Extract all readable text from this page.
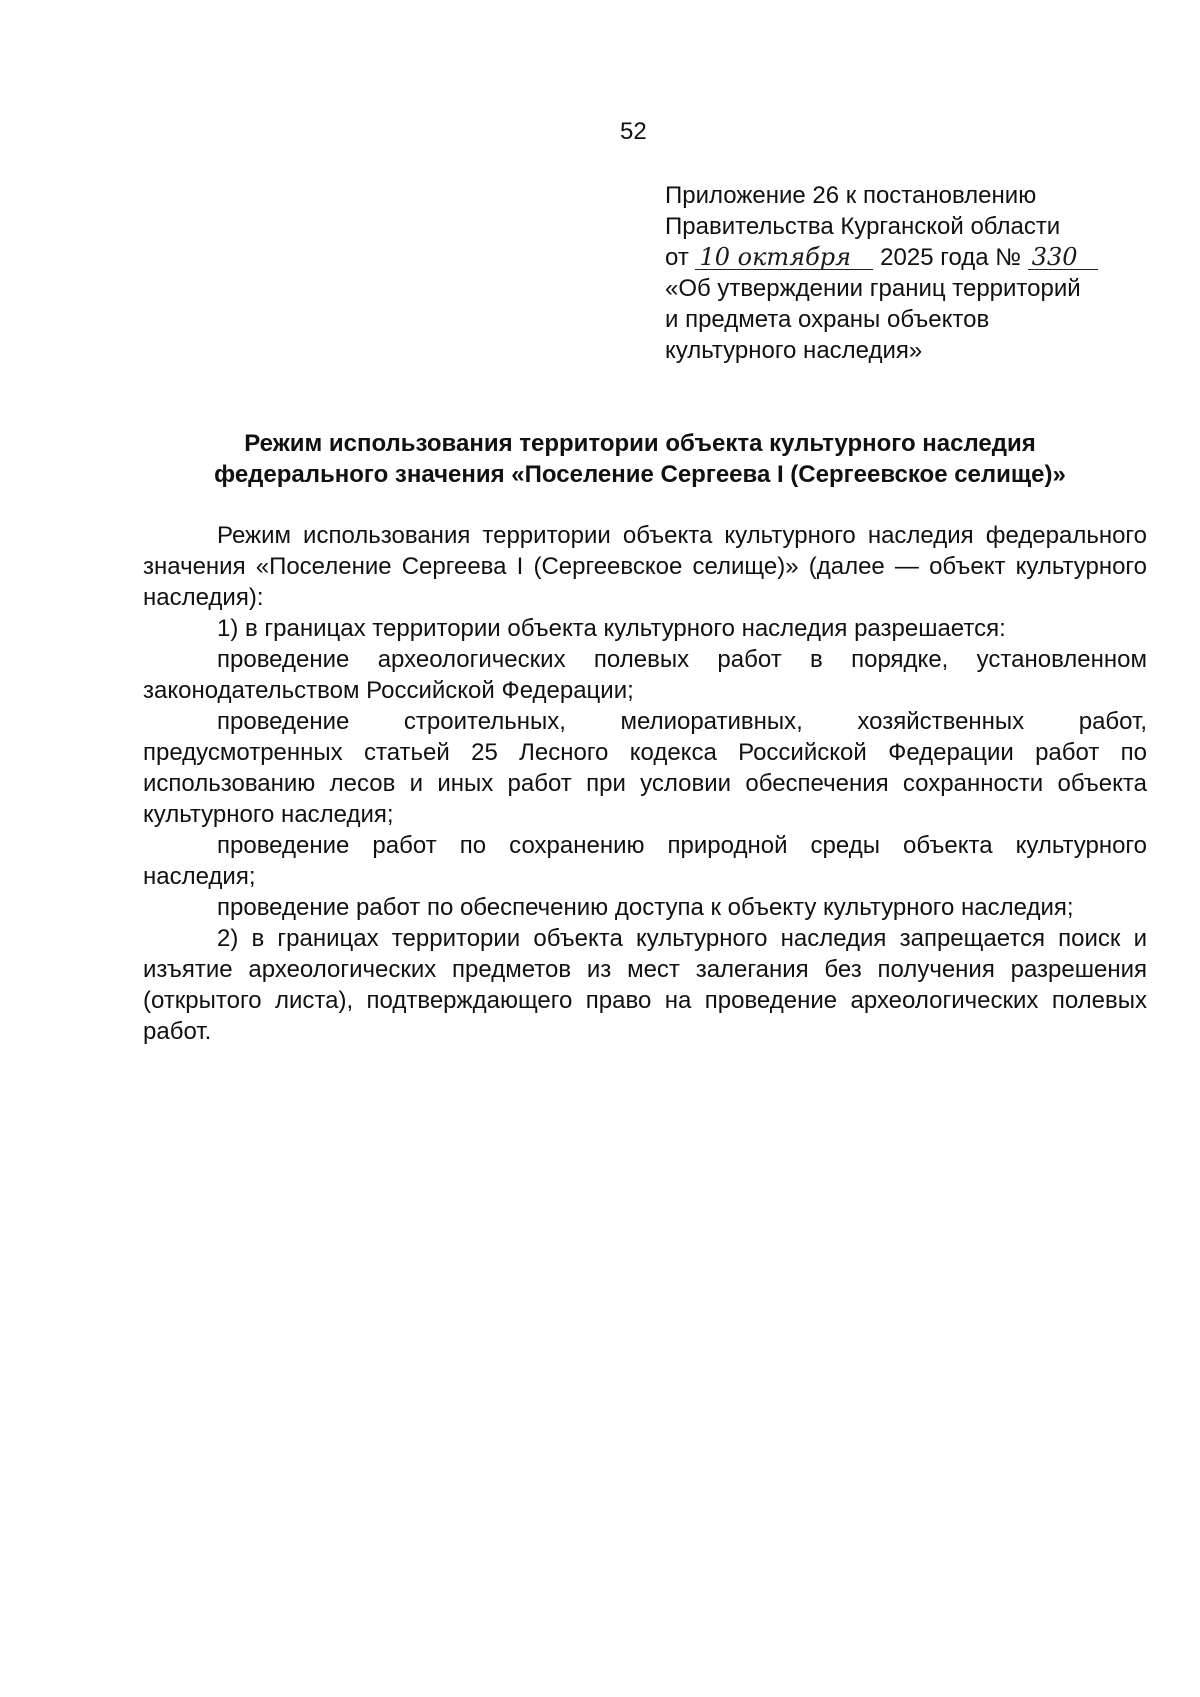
52
Приложение 26 к постановлению
Правительства Курганской области
от 10 октября 2025 года № 330
«Об утверждении границ территорий
и предмета охраны объектов
культурного наследия»
Режим использования территории объекта культурного наследия
федерального значения «Поселение Сергеева I (Сергеевское селище)»

Режим использования территории объекта культурного наследия федерального значения «Поселение Сергеева I (Сергеевское селище)» (далее — объект культурного наследия):

1) в границах территории объекта культурного наследия разрешается:

проведение археологических полевых работ в порядке, установленном законодательством Российской Федерации;

проведение строительных, мелиоративных, хозяйственных работ, предусмотренных статьей 25 Лесного кодекса Российской Федерации работ по использованию лесов и иных работ при условии обеспечения сохранности объекта культурного наследия;

проведение работ по сохранению природной среды объекта культурного наследия;

проведение работ по обеспечению доступа к объекту культурного наследия;

2) в границах территории объекта культурного наследия запрещается поиск и изъятие археологических предметов из мест залегания без получения разрешения (открытого листа), подтверждающего право на проведение археологических полевых работ.
